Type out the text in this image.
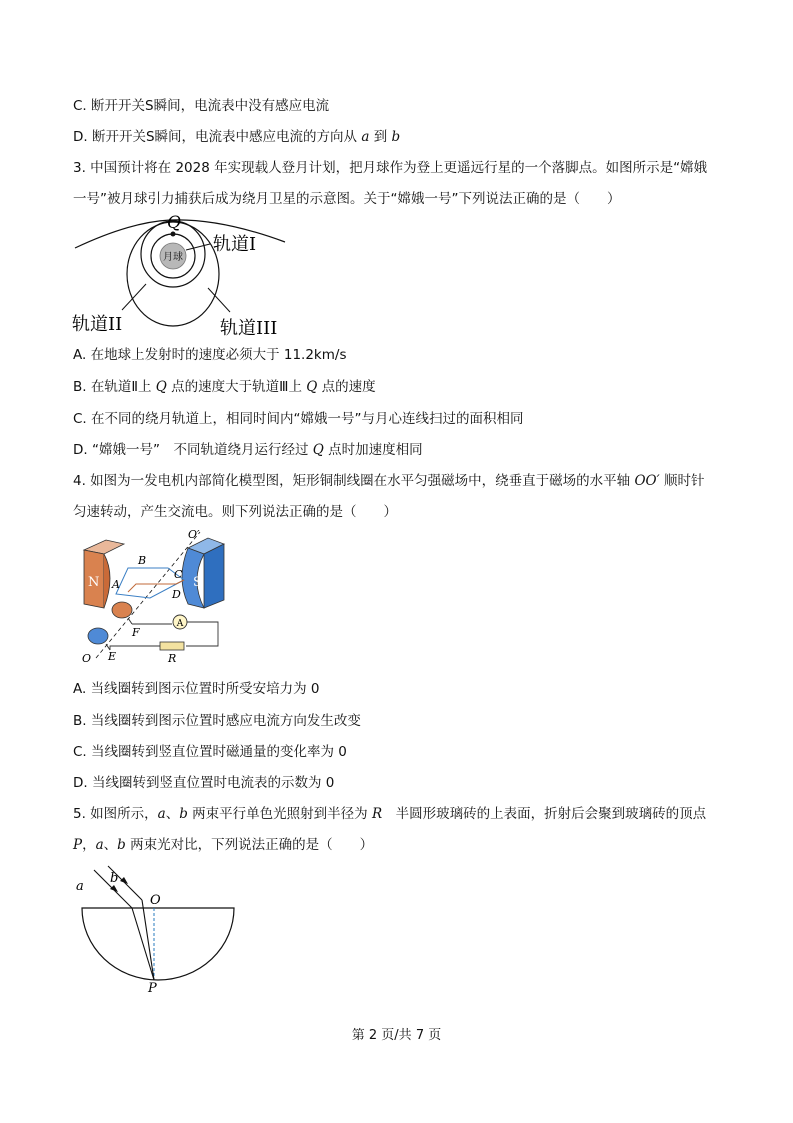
C. 断开开关S瞬间，电流表中没有感应电流
D. 断开开关S瞬间，电流表中感应电流的方向从 a 到 b
3. 中国预计将在 2028 年实现载人登月计划，把月球作为登上更遥远行星的一个落脚点。如图所示是“嫦娥
一号”被月球引力捕获后成为绕月卫星的示意图。关于“嫦娥一号”下列说法正确的是（　　）
月球
Q
轨道I
轨道II	轨道III
A. 在地球上发射时的速度必须大于 11.2km/s
B. 在轨道Ⅱ上 Q 点的速度大于轨道Ⅲ上 Q 点的速度
C. 在不同的绕月轨道上，相同时间内“嫦娥一号”与月心连线扫过的面积相同
D. “嫦娥一号”　不同轨道绕月运行经过 Q 点时加速度相同
4. 如图为一发电机内部简化模型图，矩形铜制线圈在水平匀强磁场中，绕垂直于磁场的水平轴 OO′ 顺时针
匀速转动，产生交流电。则下列说法正确的是（　　）
N	S
O′
B
A
C
D
A
F
E
O	R
A. 当线圈转到图示位置时所受安培力为 0
B. 当线圈转到图示位置时感应电流方向发生改变
C. 当线圈转到竖直位置时磁通量的变化率为 0
D. 当线圈转到竖直位置时电流表的示数为 0
5. 如图所示，a、b 两束平行单色光照射到半径为 R　半圆形玻璃砖的上表面，折射后会聚到玻璃砖的顶点
P，a、b 两束光对比，下列说法正确的是（　　）
a
b
O
P
第 2 页/共 7 页
